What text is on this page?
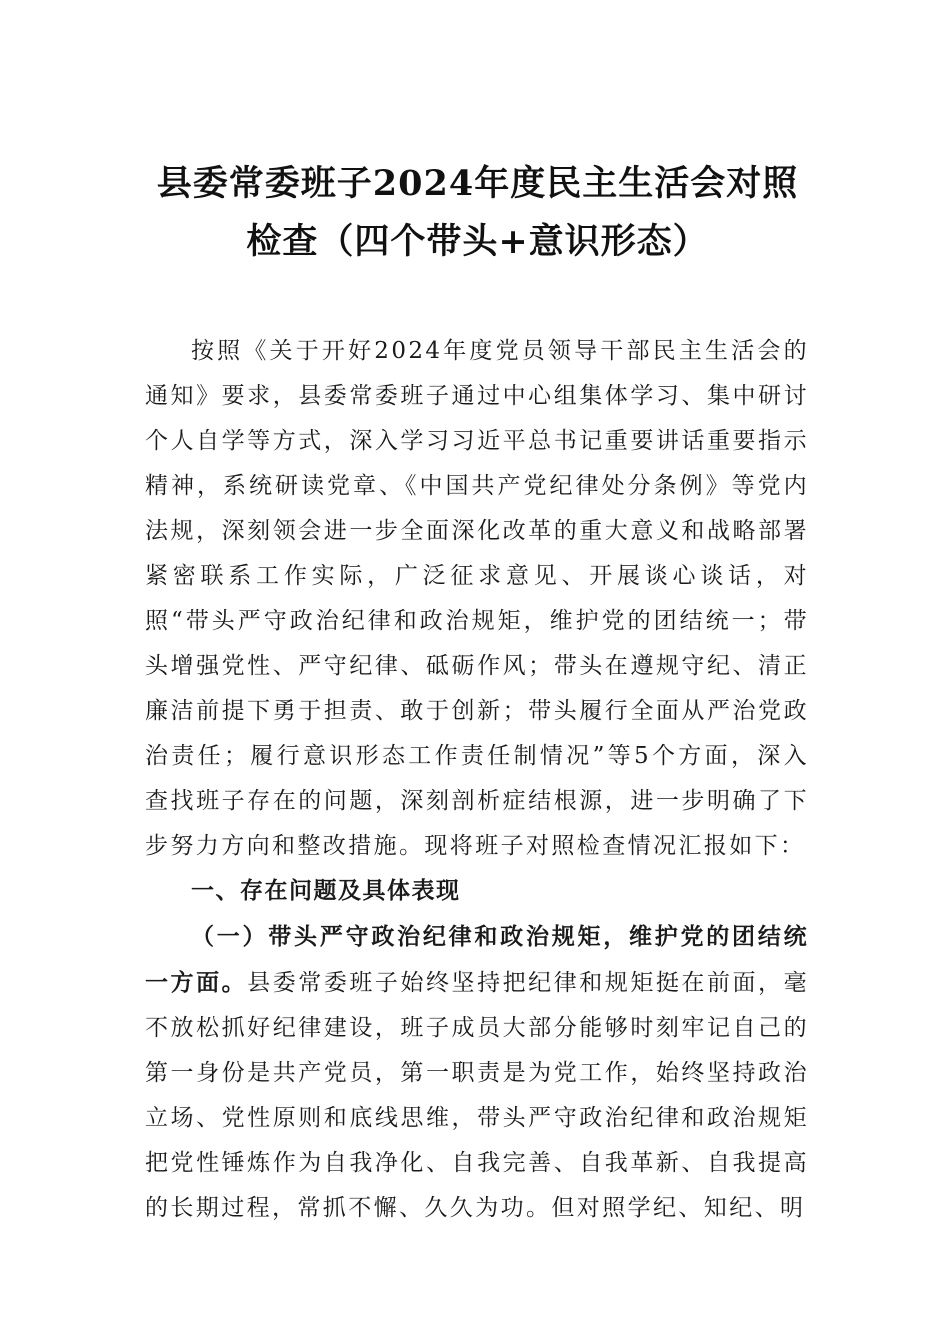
县委常委班子2024年度民主生活会对照检查（四个带头+意识形态）

按照《关于开好2024年度党员领导干部民主生活会的通知》要求，县委常委班子通过中心组集体学习、集中研讨个人自学等方式，深入学习习近平总书记重要讲话重要指示精神，系统研读党章、《中国共产党纪律处分条例》等党内法规，深刻领会进一步全面深化改革的重大意义和战略部署紧密联系工作实际，广泛征求意见、开展谈心谈话，对照“带头严守政治纪律和政治规矩，维护党的团结统一；带头增强党性、严守纪律、砥砺作风；带头在遵规守纪、清正廉洁前提下勇于担责、敢于创新；带头履行全面从严治党政治责任；履行意识形态工作责任制情况”等5个方面，深入查找班子存在的问题，深刻剖析症结根源，进一步明确了下步努力方向和整改措施。现将班子对照检查情况汇报如下：

一、存在问题及具体表现

（一）带头严守政治纪律和政治规矩，维护党的团结统一方面。县委常委班子始终坚持把纪律和规矩挺在前面，毫不放松抓好纪律建设，班子成员大部分能够时刻牢记自己的第一身份是共产党员，第一职责是为党工作，始终坚持政治立场、党性原则和底线思维，带头严守政治纪律和政治规矩把党性锤炼作为自我净化、自我完善、自我革新、自我提高的长期过程，常抓不懈、久久为功。但对照学纪、知纪、明
